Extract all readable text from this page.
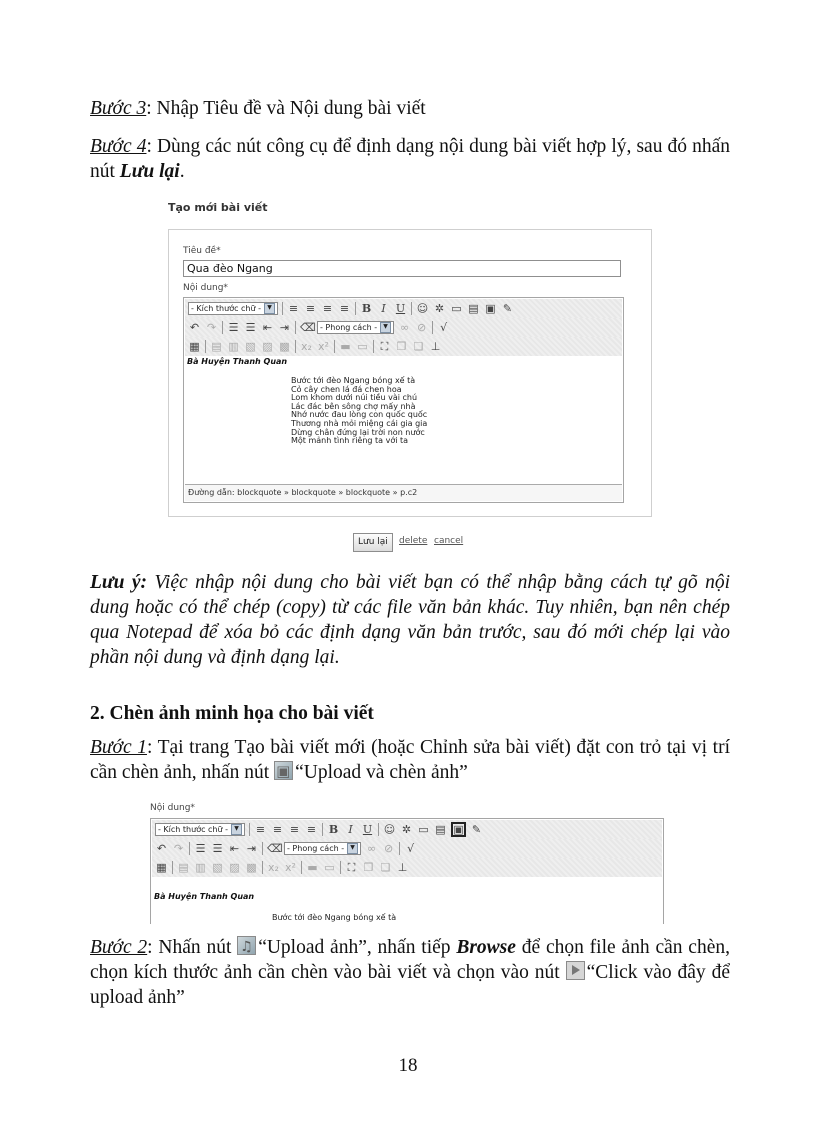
Bước 3: Nhập Tiêu đề và Nội dung bài viết

Bước 4: Dùng các nút công cụ để định dạng nội dung bài viết hợp lý, sau đó nhấn nút Lưu lại.

Tạo mới bài viết
Tiêu đề*
Qua đèo Ngang
Nội dung*
- Kích thước chữ -	▼ ≡ ≡ ≡ ≡ B I U ☺ ✲ ▭ ▤ ▣ ✎
↶ ↷ ☰ ☰ ⇤ ⇥ ⌫ - Phong cách -	▼ ∞ ⊘ √
▦ ▤ ▥ ▧ ▨ ▩ x₂ x² ▬ ▭ ⛶ ❐ ❏ ⊥
Bà Huyện Thanh Quan
Bước tới đèo Ngang bóng xế tà
Cỏ cây chen lá đá chen hoa
Lom khom dưới núi tiều vài chú
Lác đác bên sông chợ mấy nhà
Nhớ nước đau lòng con quốc quốc
Thương nhà mỏi miệng cái gia gia
Dừng chân đứng lại trời non nước
Một mảnh tình riêng ta với ta
Đường dẫn: blockquote » blockquote » blockquote » p.c2
Lưu lại	delete cancel

Lưu ý: Việc nhập nội dung cho bài viết bạn có thể nhập bằng cách tự gõ nội dung hoặc có thể chép (copy) từ các file văn bản khác. Tuy nhiên, bạn nên chép qua Notepad để xóa bỏ các định dạng văn bản trước, sau đó mới chép lại vào phần nội dung và định dạng lại.

2. Chèn ảnh minh họa cho bài viết

Bước 1: Tại trang Tạo bài viết mới (hoặc Chỉnh sửa bài viết) đặt con trỏ tại vị trí cần chèn ảnh, nhấn nút ▣“Upload và chèn ảnh”

Nội dung*
- Kích thước chữ -	▼ ≡ ≡ ≡ ≡ B I U ☺ ✲ ▭ ▤ ▣ ✎
↶ ↷ ☰ ☰ ⇤ ⇥ ⌫ - Phong cách -	▼ ∞ ⊘ √
▦ ▤ ▥ ▧ ▨ ▩ x₂ x² ▬ ▭ ⛶ ❐ ❏ ⊥
Bà Huyện Thanh Quan
Bước tới đèo Ngang bóng xế tà

Bước 2: Nhấn nút ♫“Upload ảnh”, nhấn tiếp Browse để chọn file ảnh cần chèn, chọn kích thước ảnh cần chèn vào bài viết và chọn vào nút “Click vào đây để upload ảnh”

18
